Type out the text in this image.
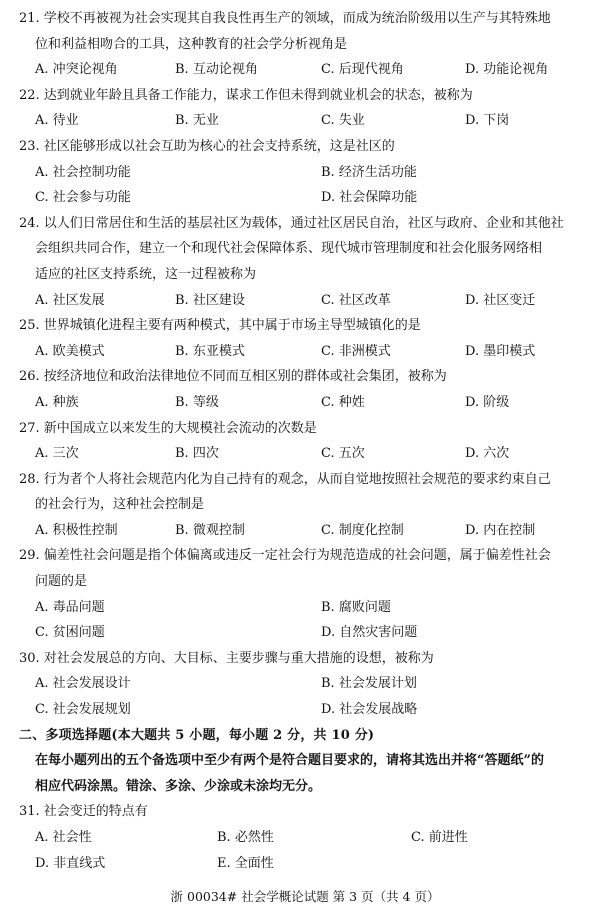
21. 学校不再被视为社会实现其自我良性再生产的领域，而成为统治阶级用以生产与其特殊地
位和利益相吻合的工具，这种教育的社会学分析视角是
A. 冲突论视角	B. 互动论视角	C. 后现代视角	D. 功能论视角
22. 达到就业年龄且具备工作能力，谋求工作但未得到就业机会的状态，被称为
A. 待业	B. 无业	C. 失业	D. 下岗
23. 社区能够形成以社会互助为核心的社会支持系统，这是社区的
A. 社会控制功能	B. 经济生活功能
C. 社会参与功能	D. 社会保障功能
24. 以人们日常居住和生活的基层社区为载体，通过社区居民自治，社区与政府、企业和其他社
会组织共同合作，建立一个和现代社会保障体系、现代城市管理制度和社会化服务网络相
适应的社区支持系统，这一过程被称为
A. 社区发展	B. 社区建设	C. 社区改革	D. 社区变迁
25. 世界城镇化进程主要有两种模式，其中属于市场主导型城镇化的是
A. 欧美模式	B. 东亚模式	C. 非洲模式	D. 墨印模式
26. 按经济地位和政治法律地位不同而互相区别的群体或社会集团，被称为
A. 种族	B. 等级	C. 种姓	D. 阶级
27. 新中国成立以来发生的大规模社会流动的次数是
A. 三次	B. 四次	C. 五次	D. 六次
28. 行为者个人将社会规范内化为自己持有的观念，从而自觉地按照社会规范的要求约束自己
的社会行为，这种社会控制是
A. 积极性控制	B. 微观控制	C. 制度化控制	D. 内在控制
29. 偏差性社会问题是指个体偏离或违反一定社会行为规范造成的社会问题，属于偏差性社会
问题的是
A. 毒品问题	B. 腐败问题
C. 贫困问题	D. 自然灾害问题
30. 对社会发展总的方向、大目标、主要步骤与重大措施的设想，被称为
A. 社会发展设计	B. 社会发展计划
C. 社会发展规划	D. 社会发展战略
二、多项选择题(本大题共 5 小题，每小题 2 分，共 10 分)
在每小题列出的五个备选项中至少有两个是符合题目要求的，请将其选出并将“答题纸”的
相应代码涂黑。错涂、多涂、少涂或未涂均无分。
31. 社会变迁的特点有
A. 社会性	B. 必然性	C. 前进性
D. 非直线式	E. 全面性
浙 00034# 社会学概论试题 第 3 页（共 4 页）
